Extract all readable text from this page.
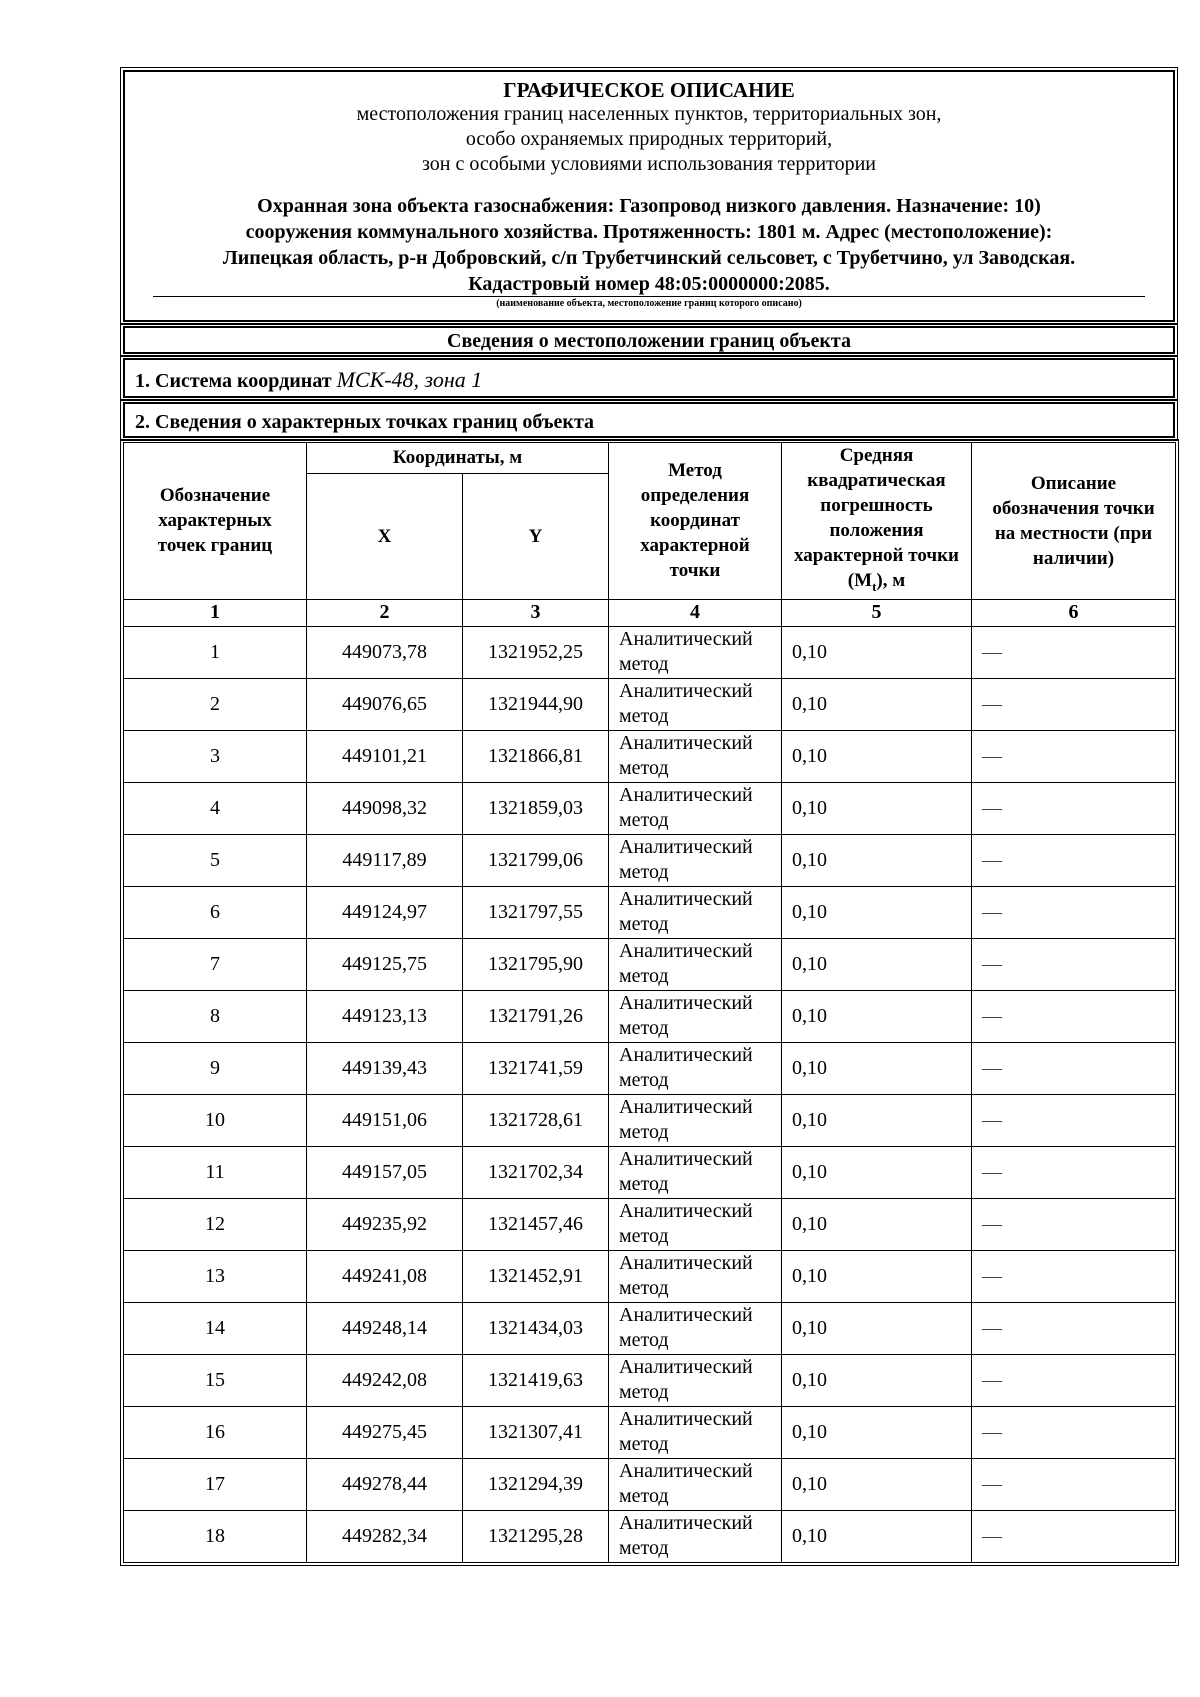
ГРАФИЧЕСКОЕ ОПИСАНИЕ
местоположения границ населенных пунктов, территориальных зон,
особо охраняемых природных территорий,
зон с особыми условиями использования территории
Охранная зона объекта газоснабжения: Газопровод низкого давления. Назначение: 10)
сооружения коммунального хозяйства. Протяженность: 1801 м. Адрес (местоположение):
Липецкая область, р-н Добровский, с/п Трубетчинский сельсовет, с Трубетчино, ул Заводская.
Кадастровый номер 48:05:0000000:2085.
(наименование объекта, местоположение границ которого описано)
Сведения о местоположении границ объекта
1. Система координат МСК-48, зона 1
2. Сведения о характерных точках границ объекта
Обозначение характерных точек границ	Координаты, м		Метод определения координат характерной точки	Средняя квадратическая погрешность положения характерной точки $(M_t)$, м	Описание обозначения точки на местности (при наличии)
	X	Y			
1	2	3	4	5	6
1	449073,78	1321952,25	Аналитический метод	0,10	—
2	449076,65	1321944,90	Аналитический метод	0,10	—
3	449101,21	1321866,81	Аналитический метод	0,10	—
4	449098,32	1321859,03	Аналитический метод	0,10	—
5	449117,89	1321799,06	Аналитический метод	0,10	—
6	449124,97	1321797,55	Аналитический метод	0,10	—
7	449125,75	1321795,90	Аналитический метод	0,10	—
8	449123,13	1321791,26	Аналитический метод	0,10	—
9	449139,43	1321741,59	Аналитический метод	0,10	—
10	449151,06	1321728,61	Аналитический метод	0,10	—
11	449157,05	1321702,34	Аналитический метод	0,10	—
12	449235,92	1321457,46	Аналитический метод	0,10	—
13	449241,08	1321452,91	Аналитический метод	0,10	—
14	449248,14	1321434,03	Аналитический метод	0,10	—
15	449242,08	1321419,63	Аналитический метод	0,10	—
16	449275,45	1321307,41	Аналитический метод	0,10	—
17	449278,44	1321294,39	Аналитический метод	0,10	—
18	449282,34	1321295,28	Аналитический метод	0,10	—
